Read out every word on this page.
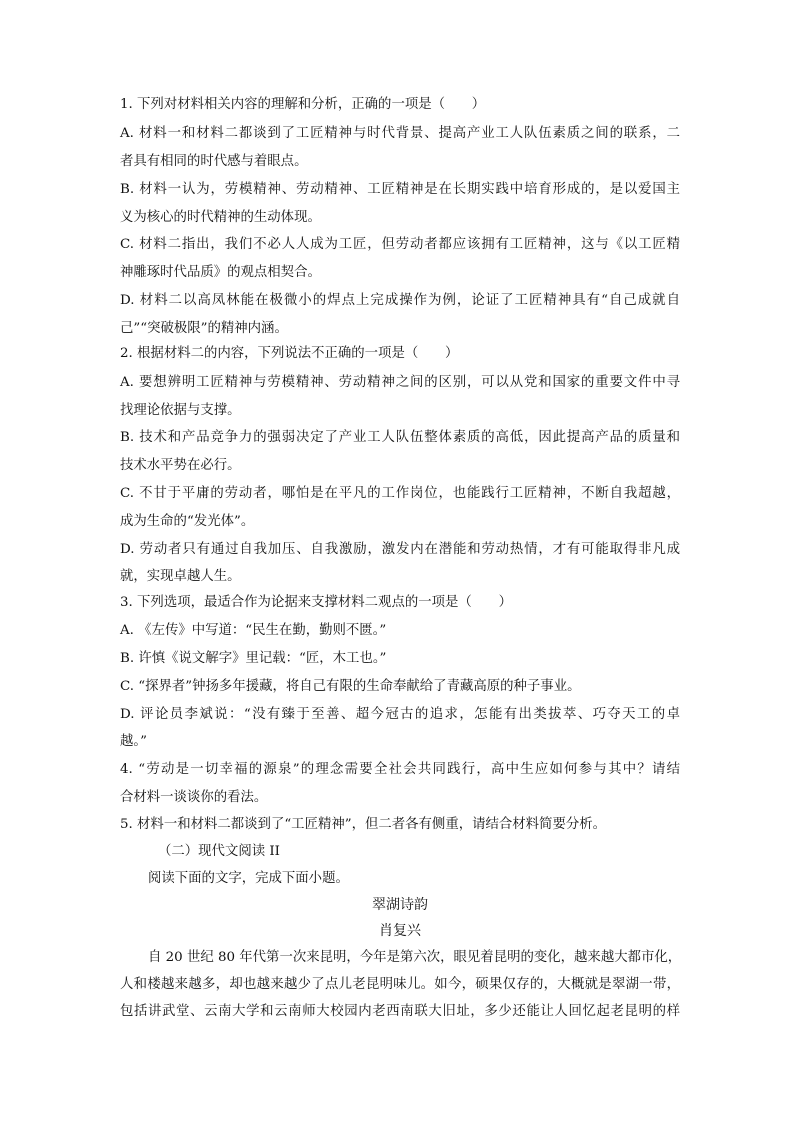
1. 下列对材料相关内容的理解和分析，正确的一项是（　　）
A. 材料一和材料二都谈到了工匠精神与时代背景、提高产业工人队伍素质之间的联系，二
者具有相同的时代感与着眼点。
B. 材料一认为，劳模精神、劳动精神、工匠精神是在长期实践中培育形成的，是以爱国主
义为核心的时代精神的生动体现。
C. 材料二指出，我们不必人人成为工匠，但劳动者都应该拥有工匠精神，这与《以工匠精
神雕琢时代品质》的观点相契合。
D. 材料二以高凤林能在极微小的焊点上完成操作为例，论证了工匠精神具有“自己成就自
己”“突破极限”的精神内涵。
2. 根据材料二的内容，下列说法不正确的一项是（　　）
A. 要想辨明工匠精神与劳模精神、劳动精神之间的区别，可以从党和国家的重要文件中寻
找理论依据与支撑。
B. 技术和产品竞争力的强弱决定了产业工人队伍整体素质的高低，因此提高产品的质量和
技术水平势在必行。
C. 不甘于平庸的劳动者，哪怕是在平凡的工作岗位，也能践行工匠精神，不断自我超越，
成为生命的“发光体”。
D. 劳动者只有通过自我加压、自我激励，激发内在潜能和劳动热情，才有可能取得非凡成
就，实现卓越人生。
3. 下列选项，最适合作为论据来支撑材料二观点的一项是（　　）
A. 《左传》中写道：“民生在勤，勤则不匮。”
B. 许慎《说文解字》里记载：“匠，木工也。”
C. “探界者”钟扬多年援藏，将自己有限的生命奉献给了青藏高原的种子事业。
D. 评论员李斌说：“没有臻于至善、超今冠古的追求，怎能有出类拔萃、巧夺天工的卓
越。”
4. “劳动是一切幸福的源泉”的理念需要全社会共同践行，高中生应如何参与其中？请结
合材料一谈谈你的看法。
5. 材料一和材料二都谈到了“工匠精神”，但二者各有侧重，请结合材料简要分析。
（二）现代文阅读 II
阅读下面的文字，完成下面小题。
翠湖诗韵
肖复兴
自 20 世纪 80 年代第一次来昆明，今年是第六次，眼见着昆明的变化，越来越大都市化，
人和楼越来越多，却也越来越少了点儿老昆明味儿。如今，硕果仅存的，大概就是翠湖一带，
包括讲武堂、云南大学和云南师大校园内老西南联大旧址，多少还能让人回忆起老昆明的样
